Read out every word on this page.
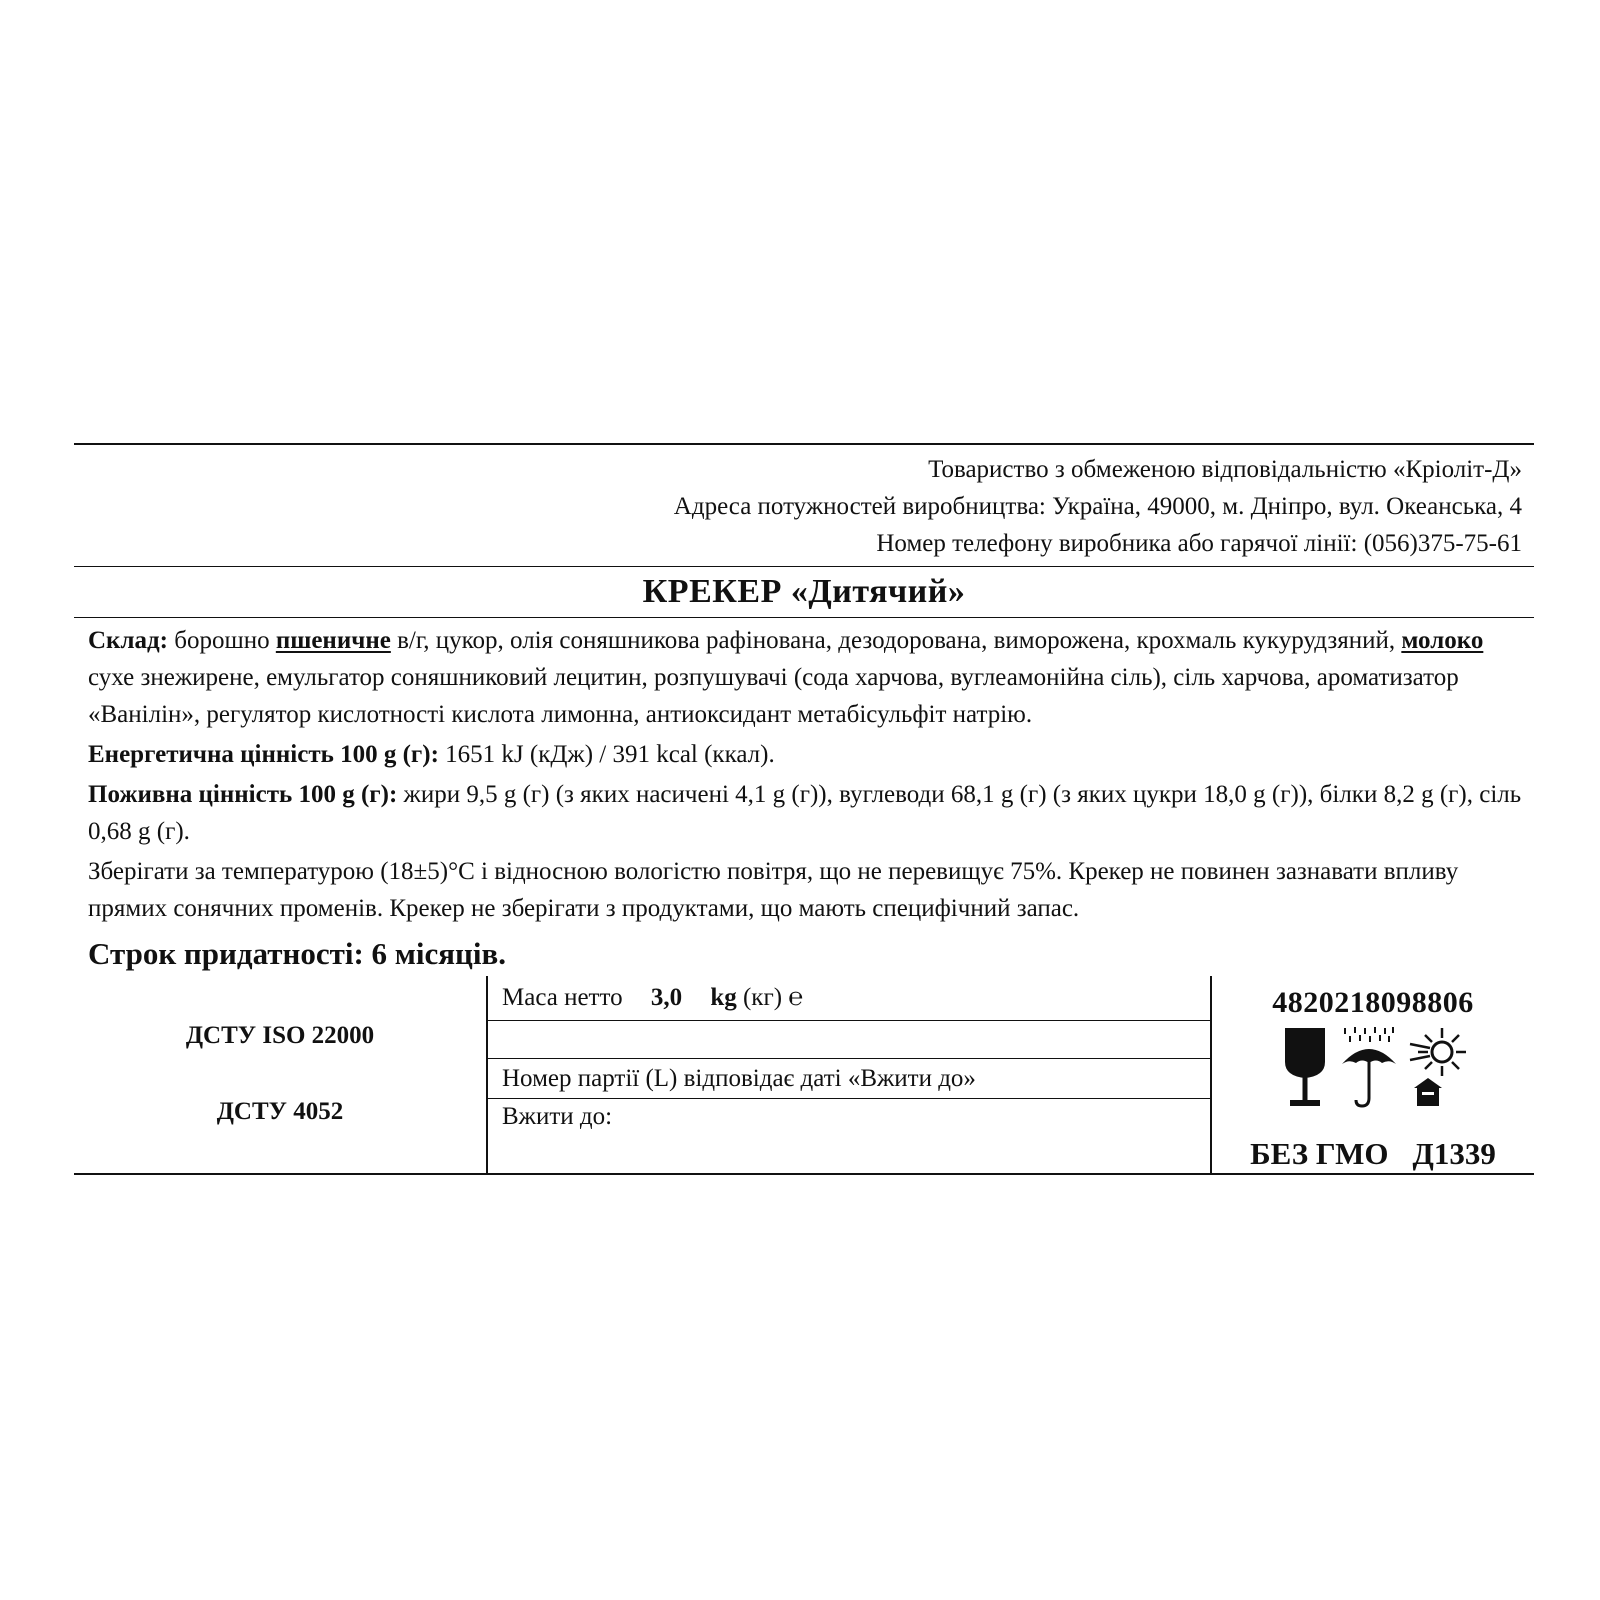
Товариство з обмеженою відповідальністю «Кріоліт-Д»
Адреса потужностей виробництва: Україна, 49000, м. Дніпро, вул. Океанська, 4
Номер телефону виробника або гарячої лінії: (056)375-75-61
КРЕКЕР «Дитячий»

Склад: борошно пшеничне в/г, цукор, олія соняшникова рафінована, дезодорована, виморожена, крохмаль кукурудзяний, молоко сухе знежирене, емульгатор соняшниковий лецитин, розпушувачі (сода харчова, вуглеамонійна сіль), сіль харчова, ароматизатор «Ванілін», регулятор кислотності кислота лимонна, антиоксидант метабісульфіт натрію.

Енергетична цінність 100 g (г): 1651 kJ (кДж) / 391 kcal (ккал).

Поживна цінність 100 g (г): жири 9,5 g (г) (з яких насичені 4,1 g (г)), вуглеводи 68,1 g (г) (з яких цукри 18,0 g (г)), білки 8,2 g (г), сіль 0,68 g (г).

Зберігати за температурою (18±5)°С і відносною вологістю повітря, що не перевищує 75%. Крекер не повинен зазнавати впливу прямих сонячних променів. Крекер не зберігати з продуктами, що мають специфічний запас.

Строк придатності: 6 місяців.
ДСТУ ISO 22000
ДСТУ 4052
Маса нетто 3,0 kg (кг) ℮
Номер партії (L) відповідає даті «Вжити до»
Вжити до:
4820218098806
БЕЗ ГМО Д1339
